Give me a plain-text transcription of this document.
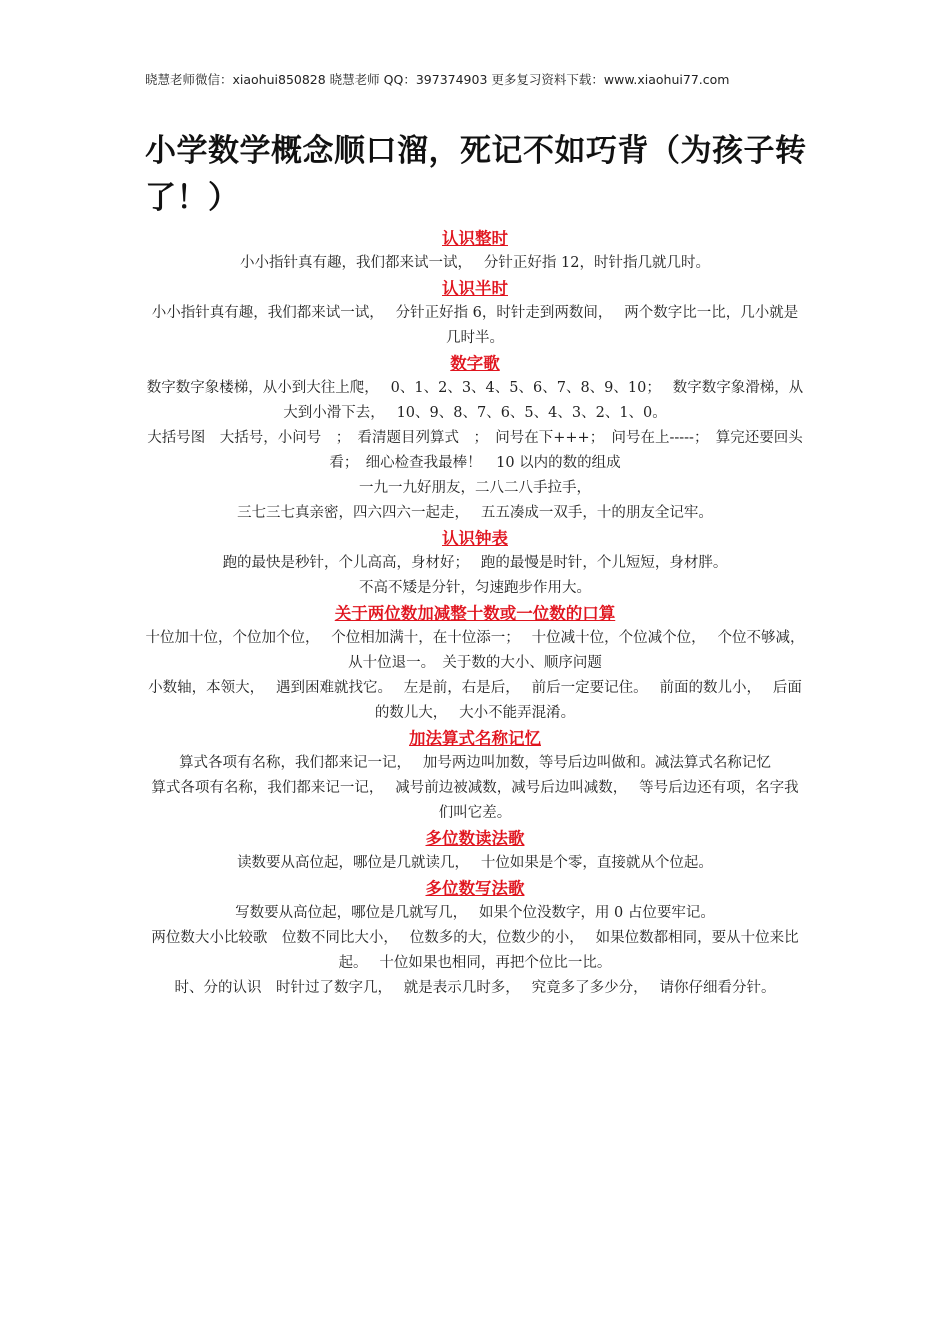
晓慧老师微信：xiaohui850828 晓慧老师 QQ：397374903 更多复习资料下载：www.xiaohui77.com
小学数学概念顺口溜，死记不如巧背（为孩子转了！）

认识整时

小小指针真有趣，我们都来试一试，　 分针正好指 12，时针指几就几时。

认识半时

小小指针真有趣，我们都来试一试，　 分针正好指 6，时针走到两数间，　 两个数字比一比，几小就是几时半。

数字歌

数字数字象楼梯，从小到大往上爬，　 0、1、2、3、4、5、6、7、8、9、10；　 数字数字象滑梯，从大到小滑下去，　 10、9、8、7、6、5、4、3、2、1、0。

大括号图　大括号，小问号　；　看清题目列算式　；　问号在下+++；　问号在上-----；　算完还要回头看；　细心检查我最棒！　10 以内的数的组成

一九一九好朋友，二八二八手拉手，

三七三七真亲密，四六四六一起走，　 五五凑成一双手，十的朋友全记牢。

认识钟表

跑的最快是秒针，个儿高高，身材好；　 跑的最慢是时针，个儿短短，身材胖。

不高不矮是分针，匀速跑步作用大。

关于两位数加减整十数或一位数的口算

十位加十位，个位加个位，　 个位相加满十，在十位添一；　 十位减十位，个位减个位，　 个位不够减，从十位退一。　关于数的大小、顺序问题

小数轴，本领大，　 遇到困难就找它。　 左是前，右是后，　 前后一定要记住。　 前面的数儿小，　 后面的数儿大，　 大小不能弄混淆。

加法算式名称记忆

算式各项有名称，我们都来记一记，　 加号两边叫加数，等号后边叫做和。减法算式名称记忆

算式各项有名称，我们都来记一记，　 减号前边被减数，减号后边叫减数，　 等号后边还有项，名字我们叫它差。

多位数读法歌

读数要从高位起，哪位是几就读几，　 十位如果是个零，直接就从个位起。

多位数写法歌

写数要从高位起，哪位是几就写几，　 如果个位没数字，用 0 占位要牢记。

两位数大小比较歌　位数不同比大小，　 位数多的大，位数少的小，　 如果位数都相同，要从十位来比起。　 十位如果也相同，再把个位比一比。

时、分的认识　时针过了数字几，　 就是表示几时多，　 究竟多了多少分，　 请你仔细看分针。
